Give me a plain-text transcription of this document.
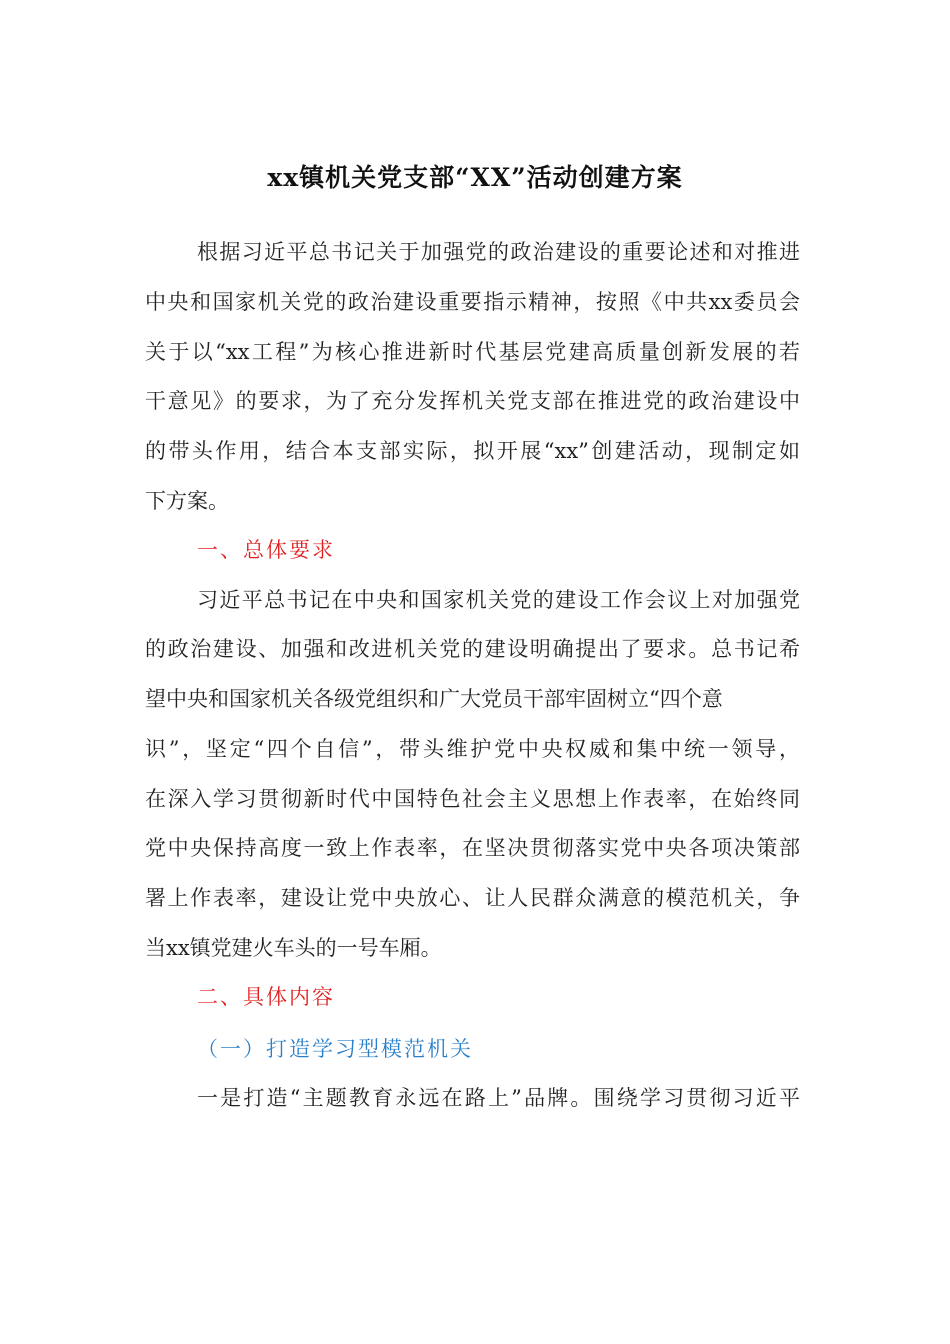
xx镇机关党支部“XX”活动创建方案

根据习近平总书记关于加强党的政治建设的重要论述和对推进

中央和国家机关党的政治建设重要指示精神，按照《中共xx委员会

关于以“xx工程”为核心推进新时代基层党建高质量创新发展的若

干意见》的要求，为了充分发挥机关党支部在推进党的政治建设中

的带头作用，结合本支部实际，拟开展“xx”创建活动，现制定如

下方案。

一、总体要求

习近平总书记在中央和国家机关党的建设工作会议上对加强党

的政治建设、加强和改进机关党的建设明确提出了要求。总书记希

望中央和国家机关各级党组织和广大党员干部牢固树立“四个意

识”，坚定“四个自信”，带头维护党中央权威和集中统一领导，

在深入学习贯彻新时代中国特色社会主义思想上作表率，在始终同

党中央保持高度一致上作表率，在坚决贯彻落实党中央各项决策部

署上作表率，建设让党中央放心、让人民群众满意的模范机关，争

当xx镇党建火车头的一号车厢。

二、具体内容

（一）打造学习型模范机关

一是打造“主题教育永远在路上”品牌。围绕学习贯彻习近平
